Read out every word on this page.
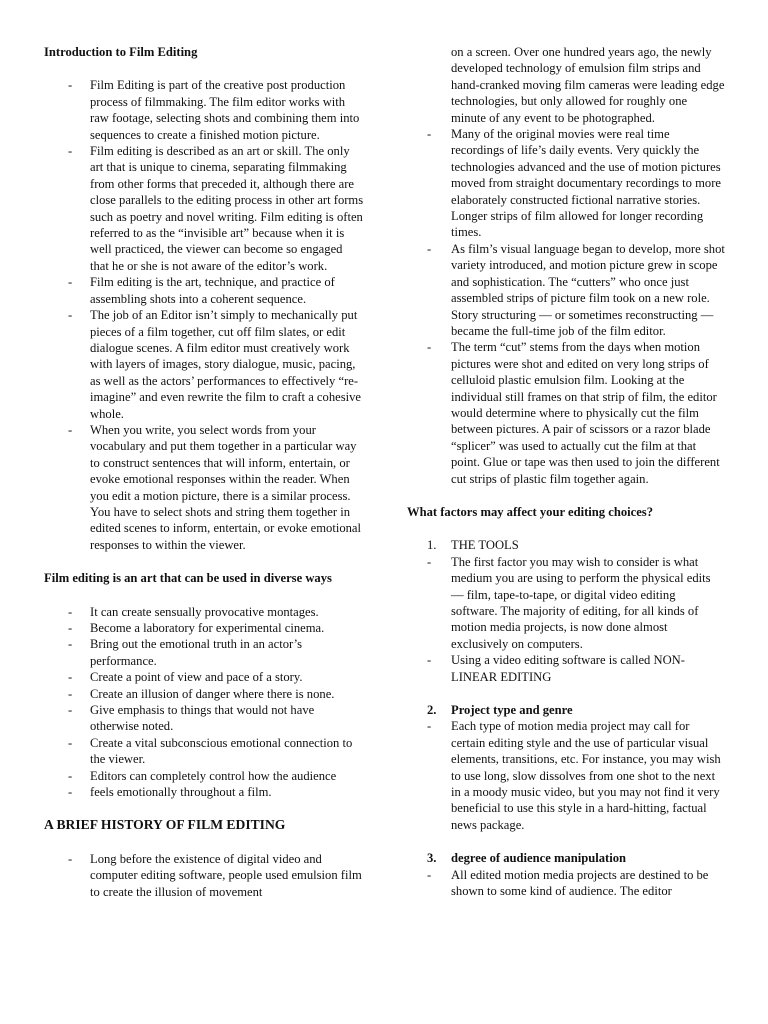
Introduction to Film Editing

- Film Editing is part of the creative post production process of filmmaking. The film editor works with raw footage, selecting shots and combining them into sequences to create a finished motion picture.
- Film editing is described as an art or skill. The only art that is unique to cinema, separating filmmaking from other forms that preceded it, although there are close parallels to the editing process in other art forms such as poetry and novel writing. Film editing is often referred to as the “invisible art” because when it is well practiced, the viewer can become so engaged that he or she is not aware of the editor’s work.
- Film editing is the art, technique, and practice of assembling shots into a coherent sequence.
- The job of an Editor isn’t simply to mechanically put pieces of a film together, cut off film slates, or edit dialogue scenes. A film editor must creatively work with layers of images, story dialogue, music, pacing, as well as the actors’ performances to effectively “re-imagine” and even rewrite the film to craft a cohesive whole.
- When you write, you select words from your vocabulary and put them together in a particular way to construct sentences that will inform, entertain, or evoke emotional responses within the reader. When you edit a motion picture, there is a similar process. You have to select shots and string them together in edited scenes to inform, entertain, or evoke emotional responses to within the viewer.

Film editing is an art that can be used in diverse ways

- It can create sensually provocative montages.
- Become a laboratory for experimental cinema.
- Bring out the emotional truth in an actor’s performance.
- Create a point of view and pace of a story.
- Create an illusion of danger where there is none.
- Give emphasis to things that would not have otherwise noted.
- Create a vital subconscious emotional connection to the viewer.
- Editors can completely control how the audience
- feels emotionally throughout a film.

A BRIEF HISTORY OF FILM EDITING

- Long before the existence of digital video and computer editing software, people used emulsion film to create the illusion of movement

on a screen. Over one hundred years ago, the newly developed technology of emulsion film strips and hand-cranked moving film cameras were leading edge technologies, but only allowed for roughly one minute of any event to be photographed.

- Many of the original movies were real time recordings of life’s daily events. Very quickly the technologies advanced and the use of motion pictures moved from straight documentary recordings to more elaborately constructed fictional narrative stories. Longer strips of film allowed for longer recording times.
- As film’s visual language began to develop, more shot variety introduced, and motion picture grew in scope and sophistication. The “cutters” who once just assembled strips of picture film took on a new role. Story structuring — or sometimes reconstructing — became the full-time job of the film editor.
- The term “cut” stems from the days when motion pictures were shot and edited on very long strips of celluloid plastic emulsion film. Looking at the individual still frames on that strip of film, the editor would determine where to physically cut the film between pictures. A pair of scissors or a razor blade “splicer” was used to actually cut the film at that point. Glue or tape was then used to join the different cut strips of plastic film together again.

What factors may affect your editing choices?

1. THE TOOLS

- The first factor you may wish to consider is what medium you are using to perform the physical edits — film, tape-to-tape, or digital video editing software. The majority of editing, for all kinds of motion media projects, is now done almost exclusively on computers.
- Using a video editing software is called NON-LINEAR EDITING

2. Project type and genre

- Each type of motion media project may call for certain editing style and the use of particular visual elements, transitions, etc. For instance, you may wish to use long, slow dissolves from one shot to the next in a moody music video, but you may not find it very beneficial to use this style in a hard-hitting, factual news package.

3. degree of audience manipulation

- All edited motion media projects are destined to be shown to some kind of audience. The editor
